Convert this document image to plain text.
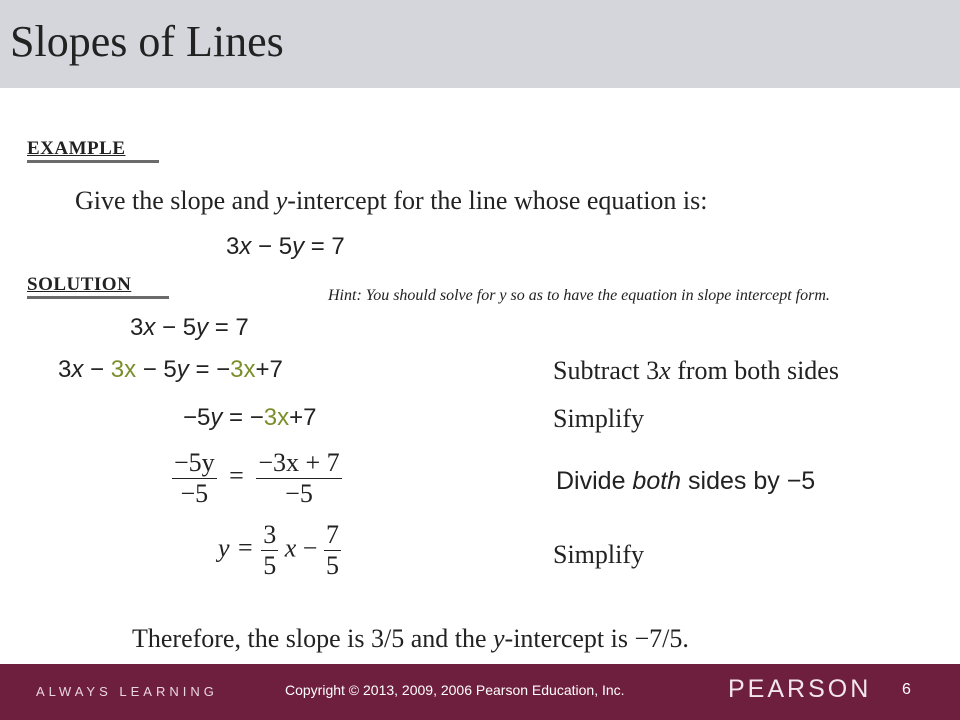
Slopes of Lines
EXAMPLE
Give the slope and y-intercept for the line whose equation is:
3x − 5y = 7
SOLUTION
Hint: You should solve for y so as to have the equation in slope intercept form.
3x − 5y = 7
3x − 3x − 5y = −3x+7	Subtract 3x from both sides
−5y = −3x+7	Simplify
$\frac{-5y}{-5} = \frac{-3x + 7}{-5}$	Divide both sides by −5
$y = \frac{3}{5}$ $x - \frac{7}{5}$	Simplify
Therefore, the slope is 3/5 and the y-intercept is −7/5.
ALWAYS LEARNING	Copyright © 2013, 2009, 2006 Pearson Education, Inc.	PEARSON 6
